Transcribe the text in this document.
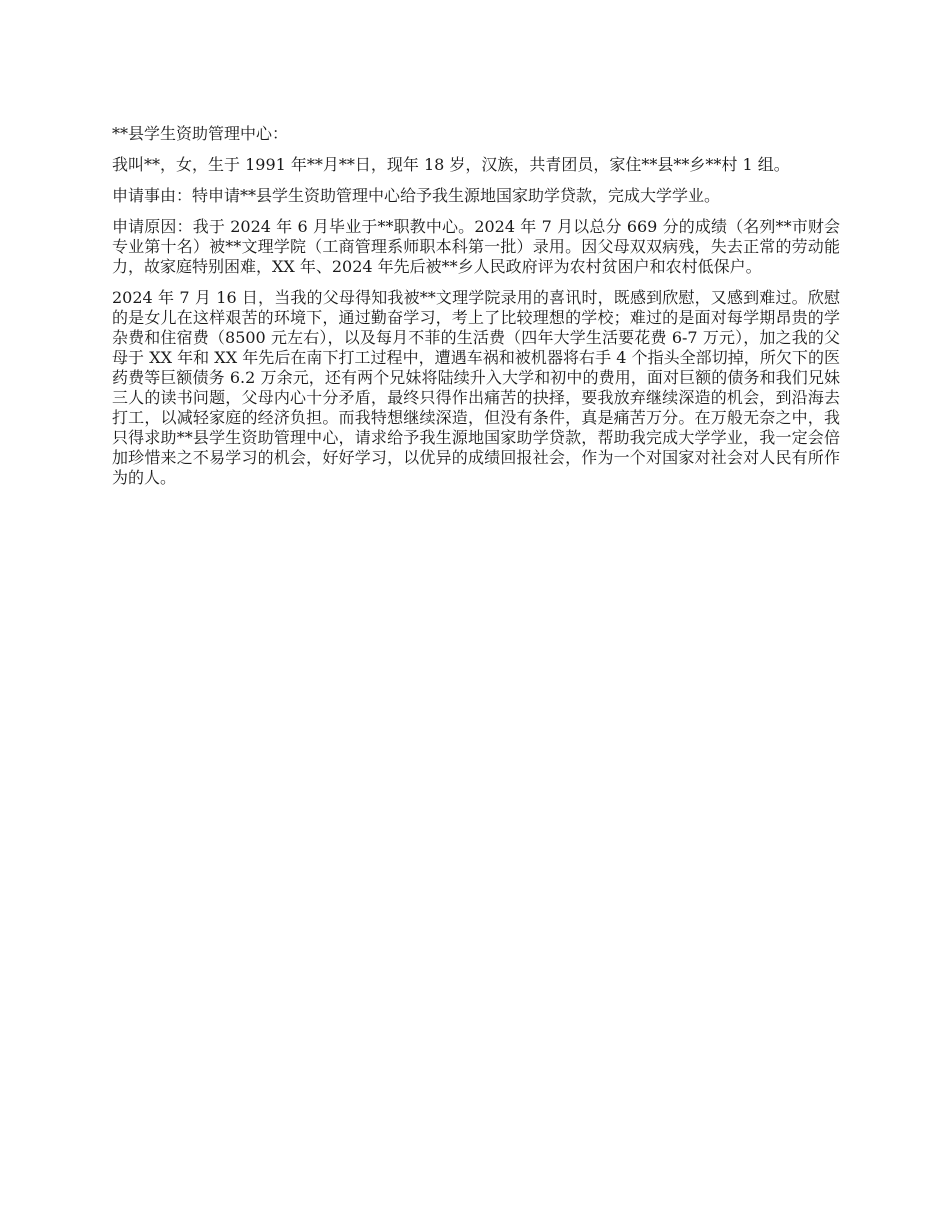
**县学生资助管理中心：

我叫**，女，生于 1991 年**月**日，现年 18 岁，汉族，共青团员，家住**县**乡**村 1 组。

申请事由：特申请**县学生资助管理中心给予我生源地国家助学贷款，完成大学学业。

申请原因：我于 2024 年 6 月毕业于**职教中心。2024 年 7 月以总分 669 分的成绩（名列**市财会专业第十名）被**文理学院（工商管理系师职本科第一批）录用。因父母双双病残，失去正常的劳动能力，故家庭特别困难，XX 年、2024 年先后被**乡人民政府评为农村贫困户和农村低保户。

2024 年 7 月 16 日，当我的父母得知我被**文理学院录用的喜讯时，既感到欣慰，又感到难过。欣慰的是女儿在这样艰苦的环境下，通过勤奋学习，考上了比较理想的学校；难过的是面对每学期昂贵的学杂费和住宿费（8500 元左右），以及每月不菲的生活费（四年大学生活要花费 6-7 万元），加之我的父母于 XX 年和 XX 年先后在南下打工过程中，遭遇车祸和被机器将右手 4 个指头全部切掉，所欠下的医药费等巨额债务 6.2 万余元，还有两个兄妹将陆续升入大学和初中的费用，面对巨额的债务和我们兄妹三人的读书问题，父母内心十分矛盾，最终只得作出痛苦的抉择，要我放弃继续深造的机会，到沿海去打工，以减轻家庭的经济负担。而我特想继续深造，但没有条件，真是痛苦万分。在万般无奈之中，我只得求助**县学生资助管理中心，请求给予我生源地国家助学贷款，帮助我完成大学学业，我一定会倍加珍惜来之不易学习的机会，好好学习，以优异的成绩回报社会，作为一个对国家对社会对人民有所作为的人。
